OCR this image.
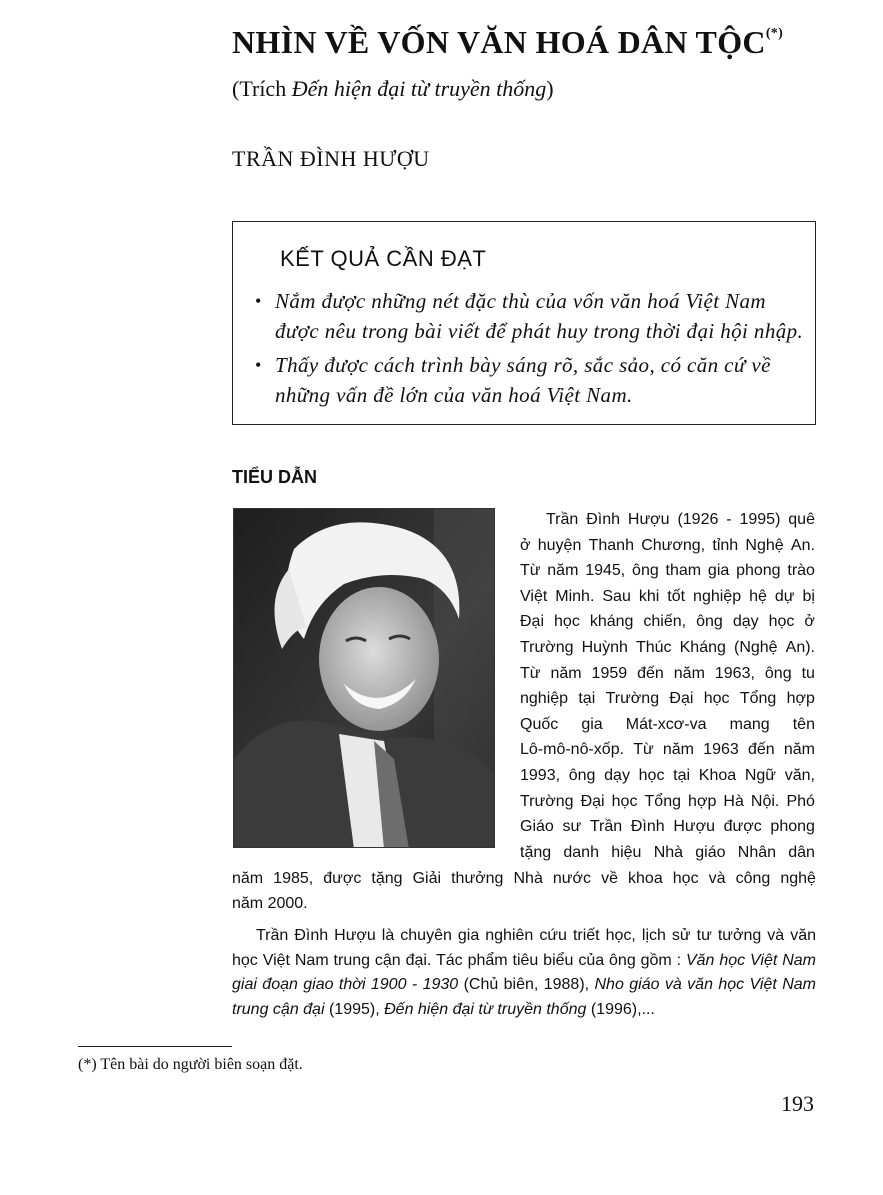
NHÌN VỀ VỐN VĂN HOÁ DÂN TỘC(*)
(Trích Đến hiện đại từ truyền thống)
TRẦN ĐÌNH HƯỢU
KẾT QUẢ CẦN ĐẠT
• Nắm được những nét đặc thù của vốn văn hoá Việt Nam được nêu trong bài viết để phát huy trong thời đại hội nhập.
• Thấy được cách trình bày sáng rõ, sắc sảo, có căn cứ về những vấn đề lớn của văn hoá Việt Nam.
TIỂU DẪN
Trần Đình Hượu (1926 - 1995) quê
ở huyện Thanh Chương, tỉnh Nghệ An.
Từ năm 1945, ông tham gia phong trào
Việt Minh. Sau khi tốt nghiệp hệ dự bị
Đại học kháng chiến, ông dạy học ở
Trường Huỳnh Thúc Kháng (Nghệ An).
Từ năm 1959 đến năm 1963, ông tu
nghiệp tại Trường Đại học Tổng hợp
Quốc gia Mát-xcơ-va mang tên
Lô-mô-nô-xốp. Từ năm 1963 đến năm
1993, ông dạy học tại Khoa Ngữ văn,
Trường Đại học Tổng hợp Hà Nội. Phó
Giáo sư Trần Đình Hượu được phong
tặng danh hiệu Nhà giáo Nhân dân
năm 1985, được tặng Giải thưởng Nhà nước về khoa học và công nghệ
năm 2000.
Trần Đình Hượu là chuyên gia nghiên cứu triết học, lịch sử tư tưởng và văn học Việt Nam trung cận đại. Tác phẩm tiêu biểu của ông gồm : Văn học Việt Nam giai đoạn giao thời 1900 - 1930 (Chủ biên, 1988), Nho giáo và văn học Việt Nam trung cận đại (1995), Đến hiện đại từ truyền thống (1996),...
(*) Tên bài do người biên soạn đặt.
193
